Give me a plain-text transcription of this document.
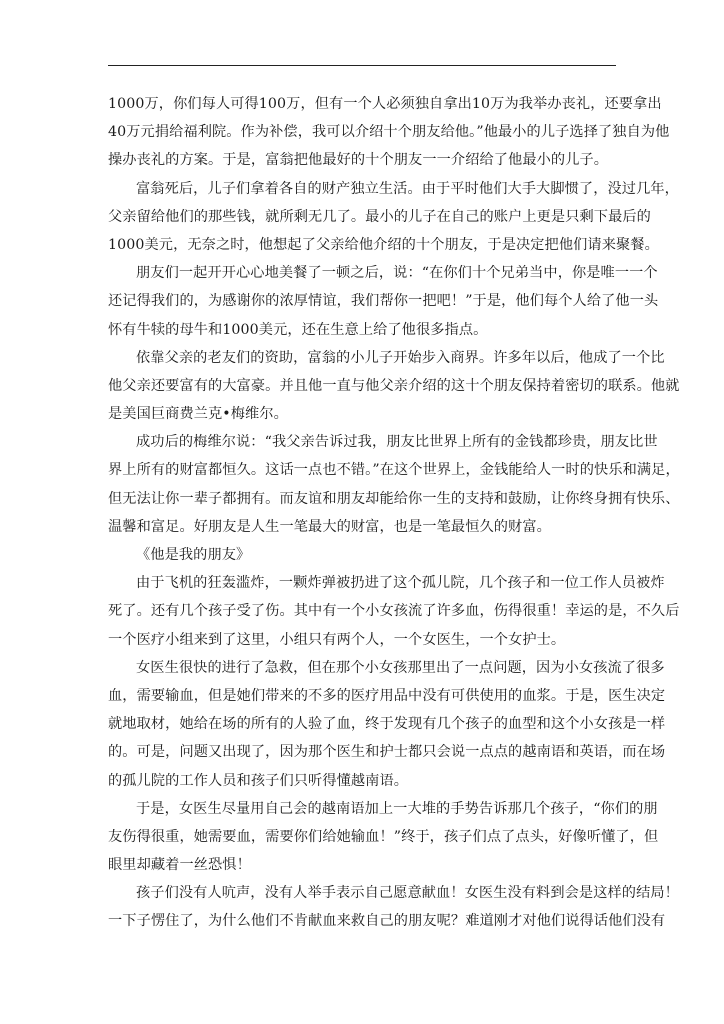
1000万，你们每人可得100万，但有一个人必须独自拿出10万为我举办丧礼，还要拿出
40万元捐给福利院。作为补偿，我可以介绍十个朋友给他。”他最小的儿子选择了独自为他
操办丧礼的方案。于是，富翁把他最好的十个朋友一一介绍给了他最小的儿子。
富翁死后，儿子们拿着各自的财产独立生活。由于平时他们大手大脚惯了，没过几年，
父亲留给他们的那些钱，就所剩无几了。最小的儿子在自己的账户上更是只剩下最后的
1000美元，无奈之时，他想起了父亲给他介绍的十个朋友，于是决定把他们请来聚餐。
朋友们一起开开心心地美餐了一顿之后，说：“在你们十个兄弟当中，你是唯一一个
还记得我们的，为感谢你的浓厚情谊，我们帮你一把吧！”于是，他们每个人给了他一头
怀有牛犊的母牛和1000美元，还在生意上给了他很多指点。
依靠父亲的老友们的资助，富翁的小儿子开始步入商界。许多年以后，他成了一个比
他父亲还要富有的大富豪。并且他一直与他父亲介绍的这十个朋友保持着密切的联系。他就
是美国巨商费兰克•梅维尔。
成功后的梅维尔说：“我父亲告诉过我，朋友比世界上所有的金钱都珍贵，朋友比世
界上所有的财富都恒久。这话一点也不错。”在这个世界上，金钱能给人一时的快乐和满足，
但无法让你一辈子都拥有。而友谊和朋友却能给你一生的支持和鼓励，让你终身拥有快乐、
温馨和富足。好朋友是人生一笔最大的财富，也是一笔最恒久的财富。
《他是我的朋友》
由于飞机的狂轰滥炸，一颗炸弹被扔进了这个孤儿院，几个孩子和一位工作人员被炸
死了。还有几个孩子受了伤。其中有一个小女孩流了许多血，伤得很重！幸运的是，不久后
一个医疗小组来到了这里，小组只有两个人，一个女医生，一个女护士。
女医生很快的进行了急救，但在那个小女孩那里出了一点问题，因为小女孩流了很多
血，需要输血，但是她们带来的不多的医疗用品中没有可供使用的血浆。于是，医生决定
就地取材，她给在场的所有的人验了血，终于发现有几个孩子的血型和这个小女孩是一样
的。可是，问题又出现了，因为那个医生和护士都只会说一点点的越南语和英语，而在场
的孤儿院的工作人员和孩子们只听得懂越南语。
于是，女医生尽量用自己会的越南语加上一大堆的手势告诉那几个孩子，“你们的朋
友伤得很重，她需要血，需要你们给她输血！”终于，孩子们点了点头，好像听懂了，但
眼里却藏着一丝恐惧！
孩子们没有人吭声，没有人举手表示自己愿意献血！女医生没有料到会是这样的结局！
一下子愣住了，为什么他们不肯献血来救自己的朋友呢？难道刚才对他们说得话他们没有
